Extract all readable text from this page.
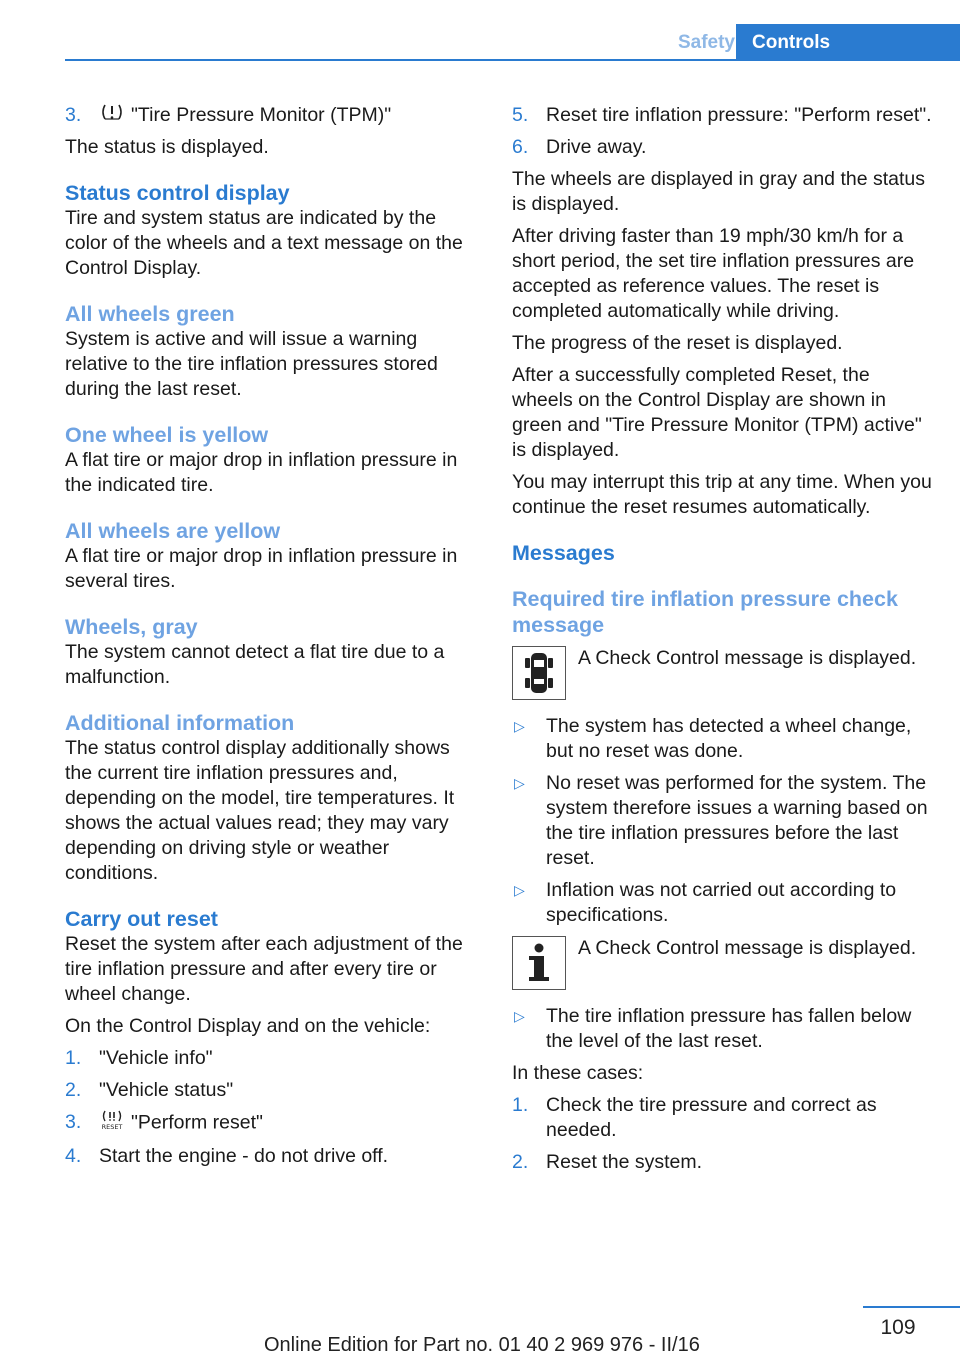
Safety Controls
3.	"Tire Pressure Monitor (TPM)"

The status is displayed.

Status control display

Tire and system status are indicated by the color of the wheels and a text message on the Control Display.

All wheels green

System is active and will issue a warning relative to the tire inflation pressures stored during the last reset.

One wheel is yellow

A flat tire or major drop in inflation pressure in the indicated tire.

All wheels are yellow

A flat tire or major drop in inflation pressure in several tires.

Wheels, gray

The system cannot detect a flat tire due to a malfunction.

Additional information

The status control display additionally shows the current tire inflation pressures and, depending on the model, tire temperatures. It shows the actual values read; they may vary depending on driving style or weather conditions.

Carry out reset

Reset the system after each adjustment of the tire inflation pressure and after every tire or wheel change.

On the Control Display and on the vehicle:

1. "Vehicle info"
2. "Vehicle status"
3.	RESET "Perform reset"
4. Start the engine - do not drive off.
5. Reset tire inflation pressure: "Perform reset".
6. Drive away.

The wheels are displayed in gray and the status is displayed.

After driving faster than 19 mph/30 km/h for a short period, the set tire inflation pressures are accepted as reference values. The reset is completed automatically while driving.

The progress of the reset is displayed.

After a successfully completed Reset, the wheels on the Control Display are shown in green and "Tire Pressure Monitor (TPM) active" is displayed.

You may interrupt this trip at any time. When you continue the reset resumes automatically.

Messages
Required tire inflation pressure check message
A Check Control message is displayed.
▷ The system has detected a wheel change, but no reset was done.
▷ No reset was performed for the system. The system therefore issues a warning based on the tire inflation pressures before the last reset.
▷ Inflation was not carried out according to specifications.
A Check Control message is displayed.
▷ The tire inflation pressure has fallen below the level of the last reset.

In these cases:

1. Check the tire pressure and correct as needed.
2. Reset the system.
109
Online Edition for Part no. 01 40 2 969 976 - II/16
